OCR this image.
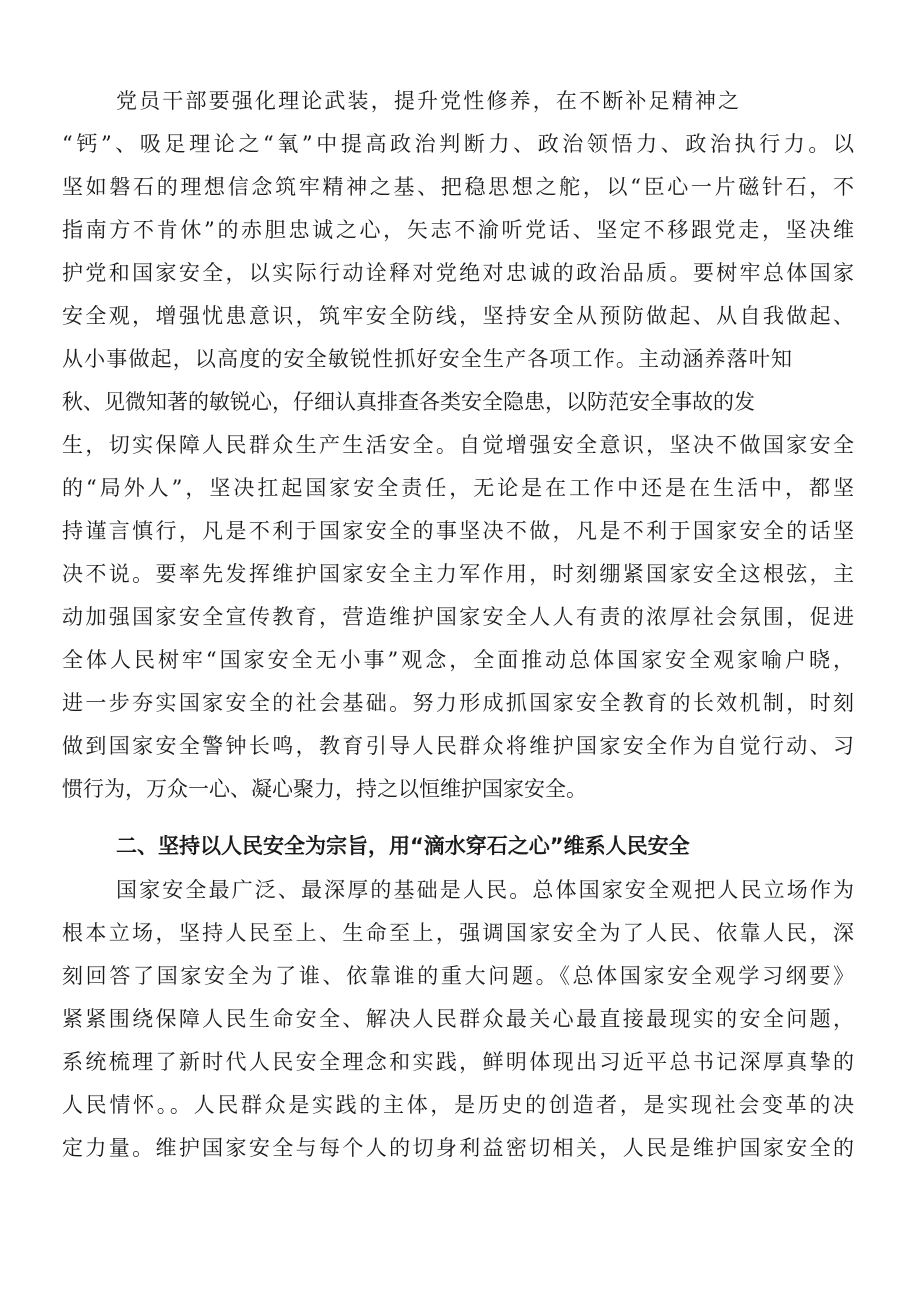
党员干部要强化理论武装，提升党性修养，在不断补足精神之
“钙”、吸足理论之“氧”中提高政治判断力、政治领悟力、政治执行力。以
坚如磐石的理想信念筑牢精神之基、把稳思想之舵，以“臣心一片磁针石，不
指南方不肯休”的赤胆忠诚之心，矢志不渝听党话、坚定不移跟党走，坚决维
护党和国家安全，以实际行动诠释对党绝对忠诚的政治品质。要树牢总体国家
安全观，增强忧患意识，筑牢安全防线，坚持安全从预防做起、从自我做起、
从小事做起，以高度的安全敏锐性抓好安全生产各项工作。主动涵养落叶知
秋、见微知著的敏锐心，仔细认真排查各类安全隐患，以防范安全事故的发
生，切实保障人民群众生产生活安全。自觉增强安全意识，坚决不做国家安全
的“局外人”，坚决扛起国家安全责任，无论是在工作中还是在生活中，都坚
持谨言慎行，凡是不利于国家安全的事坚决不做，凡是不利于国家安全的话坚
决不说。要率先发挥维护国家安全主力军作用，时刻绷紧国家安全这根弦，主
动加强国家安全宣传教育，营造维护国家安全人人有责的浓厚社会氛围，促进
全体人民树牢“国家安全无小事”观念，全面推动总体国家安全观家喻户晓，
进一步夯实国家安全的社会基础。努力形成抓国家安全教育的长效机制，时刻
做到国家安全警钟长鸣，教育引导人民群众将维护国家安全作为自觉行动、习
惯行为，万众一心、凝心聚力，持之以恒维护国家安全。
二、坚持以人民安全为宗旨，用“滴水穿石之心”维系人民安全
国家安全最广泛、最深厚的基础是人民。总体国家安全观把人民立场作为
根本立场，坚持人民至上、生命至上，强调国家安全为了人民、依靠人民，深
刻回答了国家安全为了谁、依靠谁的重大问题。《总体国家安全观学习纲要》
紧紧围绕保障人民生命安全、解决人民群众最关心最直接最现实的安全问题，
系统梳理了新时代人民安全理念和实践，鲜明体现出习近平总书记深厚真挚的
人民情怀。。人民群众是实践的主体，是历史的创造者，是实现社会变革的决
定力量。维护国家安全与每个人的切身利益密切相关，人民是维护国家安全的
